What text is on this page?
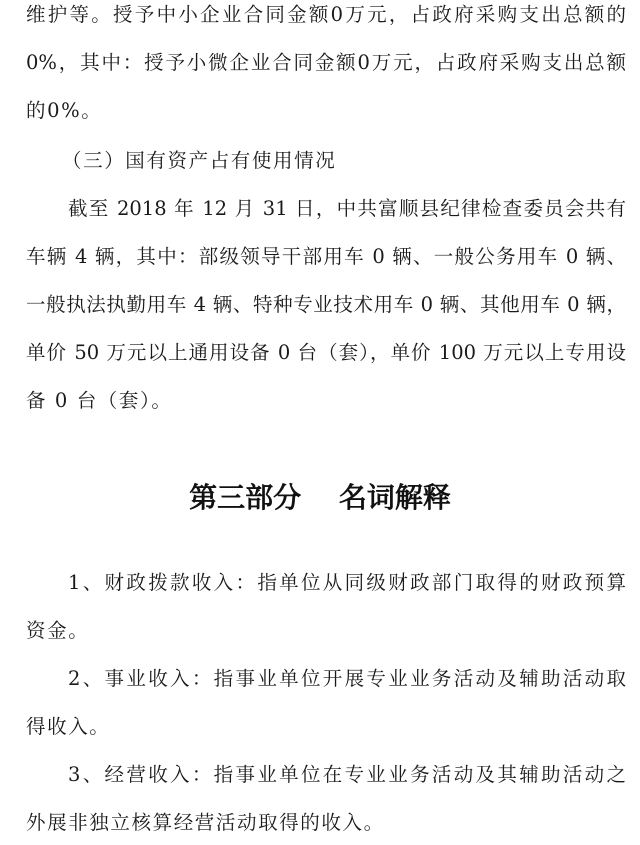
维护等。授予中小企业合同金额0万元，占政府采购支出总额的
0%，其中：授予小微企业合同金额0万元，占政府采购支出总额
的0%。
（三）国有资产占有使用情况
截至 2018 年 12 月 31 日，中共富顺县纪律检查委员会共有
车辆 4 辆，其中：部级领导干部用车 0 辆、一般公务用车 0 辆、
一般执法执勤用车 4 辆、特种专业技术用车 0 辆、其他用车 0 辆，
单价 50 万元以上通用设备 0 台（套），单价 100 万元以上专用设
备 0 台（套）。
第三部分　 名词解释
1、财政拨款收入：指单位从同级财政部门取得的财政预算
资金。
2、事业收入：指事业单位开展专业业务活动及辅助活动取
得收入。
3、经营收入：指事业单位在专业业务活动及其辅助活动之
外展非独立核算经营活动取得的收入。
